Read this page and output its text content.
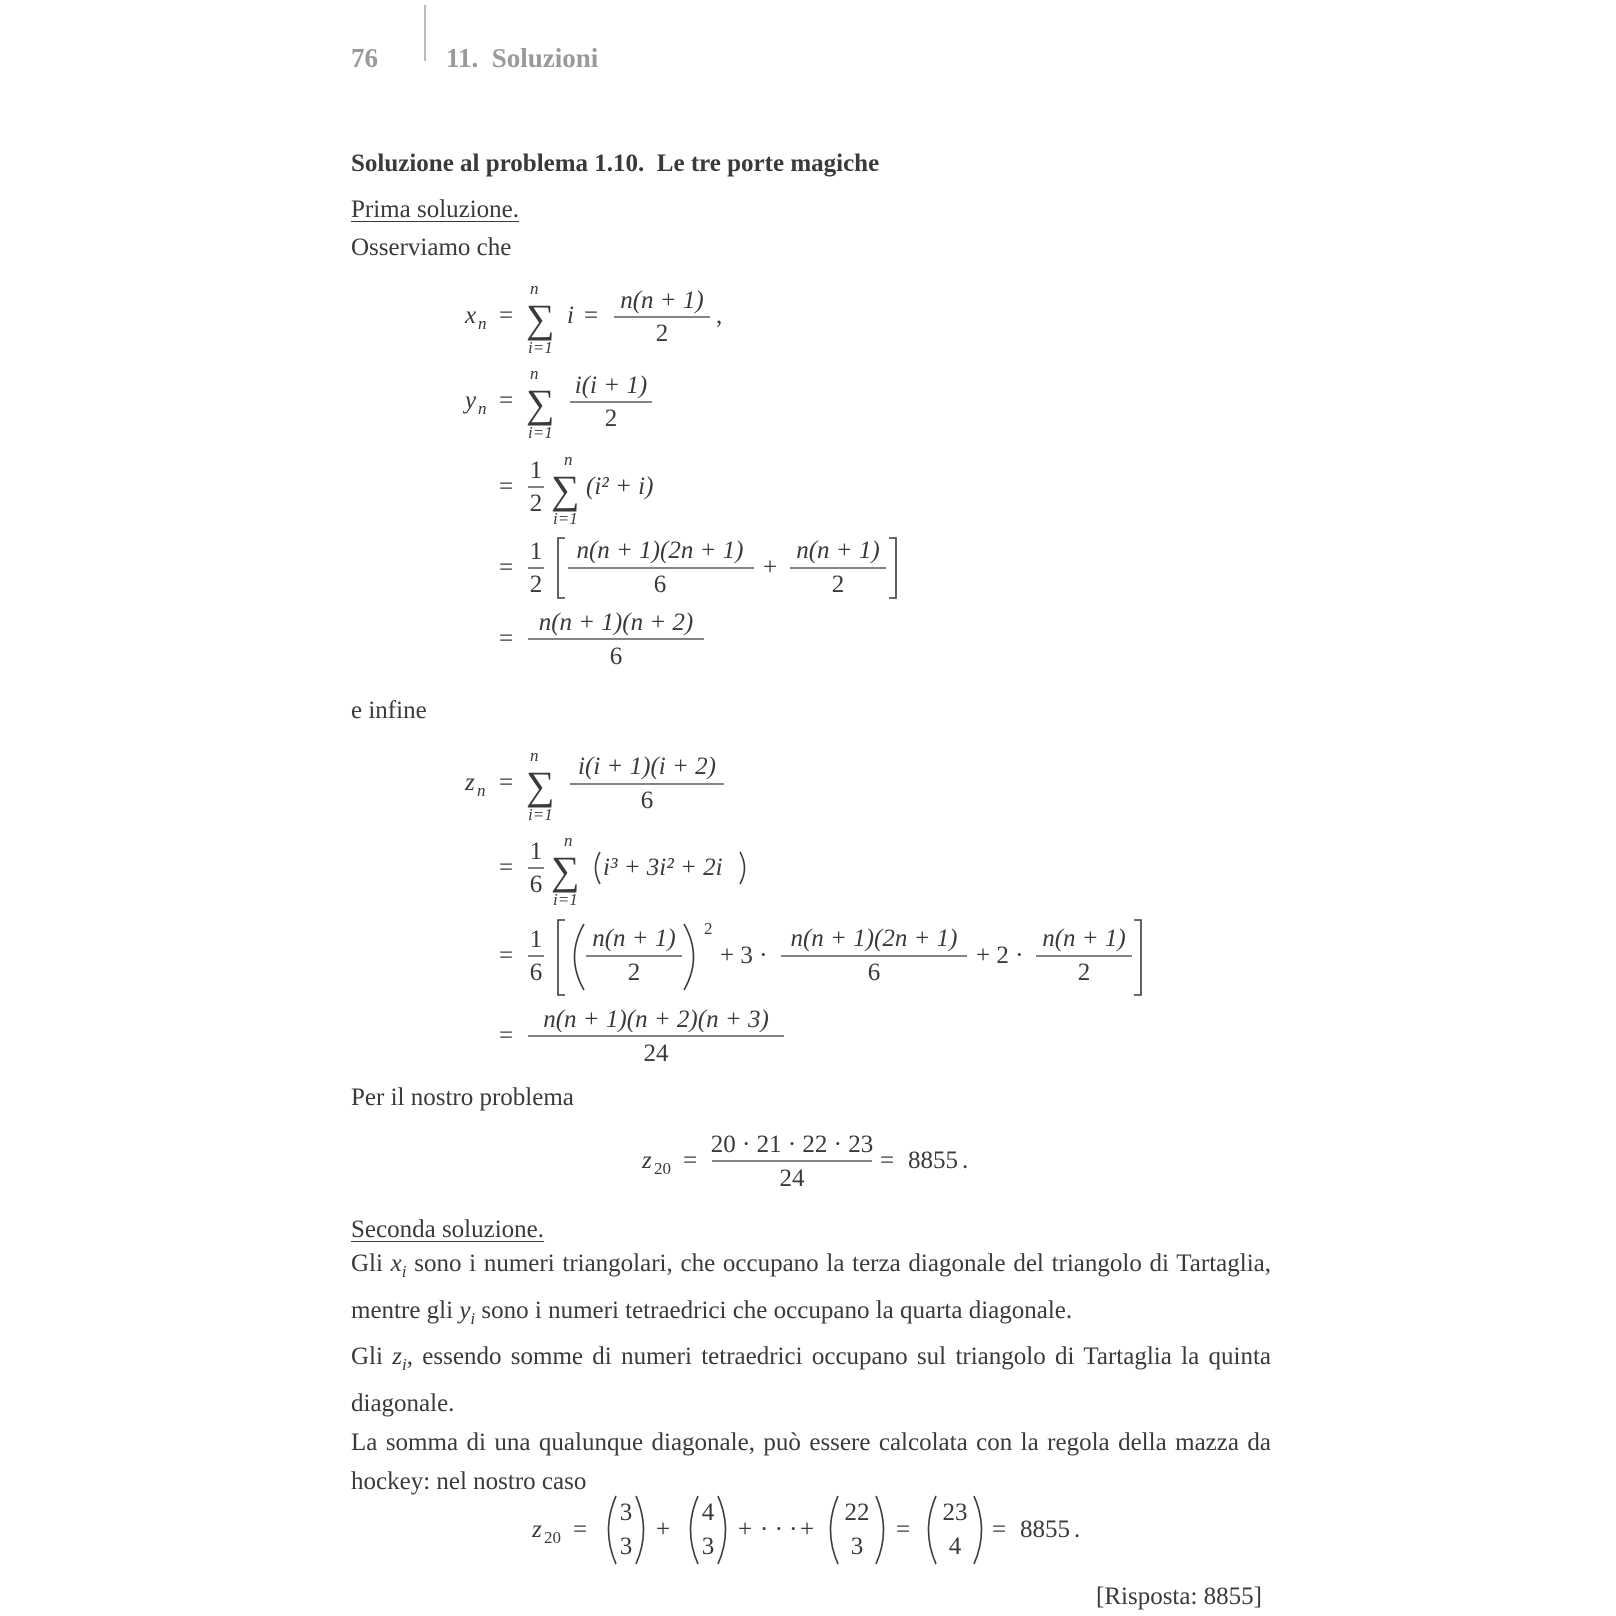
76	11.  Soluzioni
Soluzione al problema 1.10.  Le tre porte magiche
Prima soluzione.
Osserviamo che
x n =
n
∑
i=1
i =
n(n + 1)
2
,
y n =
n
∑
i=1
i(i + 1)
2
=
1
2
n
∑
i=1
(i² + i)
=
1
2
n(n + 1)(2n + 1)
6
+
n(n + 1)
2
=
n(n + 1)(n + 2)
6
z n =
n
∑
i=1
i(i + 1)(i + 2)
6
=
1
6
n
∑
i=1
i³ + 3i² + 2i
=
1
6
n(n + 1)
2
2
+ 3 ·
n(n + 1)(2n + 1)
6
+ 2 ·
n(n + 1)
2
=
n(n + 1)(n + 2)(n + 3)
24
z 20 =
20 · 21 · 22 · 23
24
= 8855 .
z 20 =
3
3
+
4
3
+ · · · +
22
3
=
23
4
= 8855 .
e infine
Per il nostro problema
Seconda soluzione.

Gli $x_i$ sono i numeri triangolari, che occupano la terza diagonale del triangolo di Tartaglia, mentre gli $y_i$ sono i numeri tetraedrici che occupano la quarta diagonale.

Gli $z_i$, essendo somme di numeri tetraedrici occupano sul triangolo di Tartaglia la quinta diagonale.

La somma di una qualunque diagonale, può essere calcolata con la regola della mazza da hockey: nel nostro caso

[Risposta: 8855]
